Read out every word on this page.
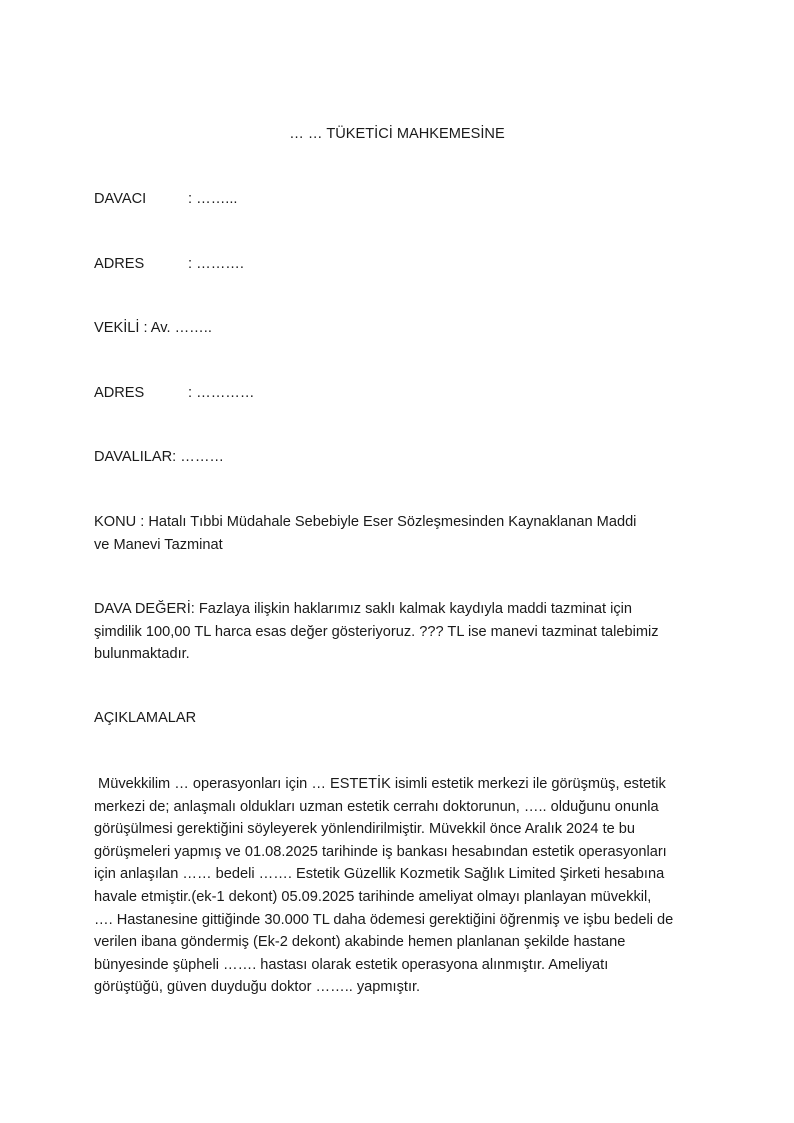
… … TÜKETİCİ MAHKEMESİNE
DAVACI	: ……...
ADRES	: ……….
VEKİLİ : Av. ……..
ADRES	: …………
DAVALILAR: ………
KONU : Hatalı Tıbbi Müdahale Sebebiyle Eser Sözleşmesinden Kaynaklanan Maddi
ve Manevi Tazminat
DAVA DEĞERİ: Fazlaya ilişkin haklarımız saklı kalmak kaydıyla maddi tazminat için
şimdilik 100,00 TL harca esas değer gösteriyoruz. ??? TL ise manevi tazminat talebimiz
bulunmaktadır.
AÇIKLAMALAR
Müvekkilim … operasyonları için … ESTETİK isimli estetik merkezi ile görüşmüş, estetik
merkezi de; anlaşmalı oldukları uzman estetik cerrahı doktorunun, ….. olduğunu onunla
görüşülmesi gerektiğini söyleyerek yönlendirilmiştir. Müvekkil önce Aralık 2024 te bu
görüşmeleri yapmış ve 01.08.2025 tarihinde iş bankası hesabından estetik operasyonları
için anlaşılan …… bedeli ……. Estetik Güzellik Kozmetik Sağlık Limited Şirketi hesabına
havale etmiştir.(ek-1 dekont) 05.09.2025 tarihinde ameliyat olmayı planlayan müvekkil,
…. Hastanesine gittiğinde 30.000 TL daha ödemesi gerektiğini öğrenmiş ve işbu bedeli de
verilen ibana göndermiş (Ek-2 dekont) akabinde hemen planlanan şekilde hastane
bünyesinde şüpheli ……. hastası olarak estetik operasyona alınmıştır. Ameliyatı
görüştüğü, güven duyduğu doktor …….. yapmıştır.
